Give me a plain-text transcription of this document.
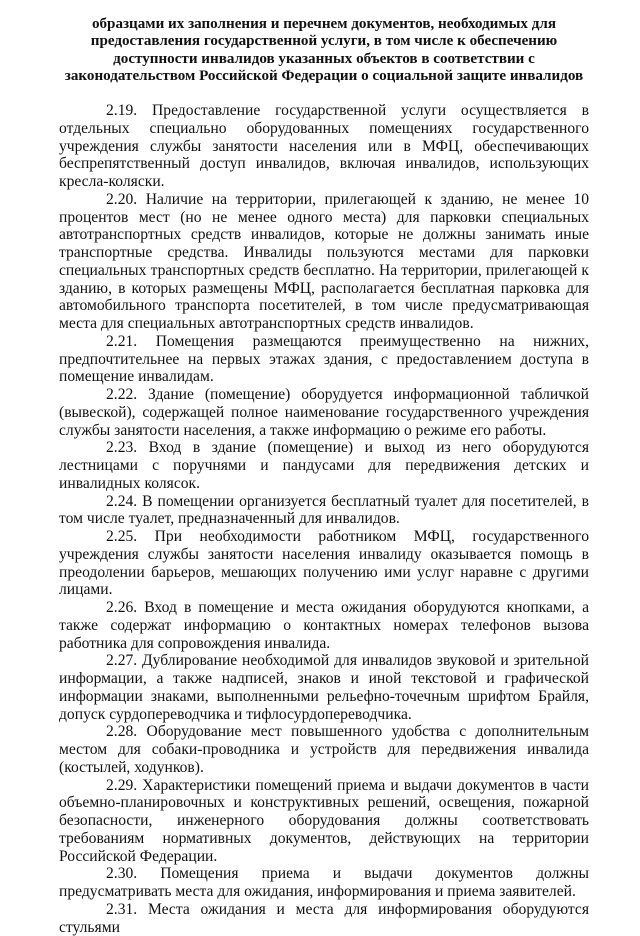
образцами их заполнения и перечнем документов, необходимых для
предоставления государственной услуги, в том числе к обеспечению
доступности инвалидов указанных объектов в соответствии с
законодательством Российской Федерации о социальной защите инвалидов

2.19. Предоставление государственной услуги осуществляется в отдельных специально оборудованных помещениях государственного учреждения службы занятости населения или в МФЦ, обеспечивающих беспрепятственный доступ инвалидов, включая инвалидов, использующих кресла-коляски.

2.20. Наличие на территории, прилегающей к зданию, не менее 10 процентов мест (но не менее одного места) для парковки специальных автотранспортных средств инвалидов, которые не должны занимать иные транспортные средства. Инвалиды пользуются местами для парковки специальных транспортных средств бесплатно. На территории, прилегающей к зданию, в которых размещены МФЦ, располагается бесплатная парковка для автомобильного транспорта посетителей, в том числе предусматривающая места для специальных автотранспортных средств инвалидов.

2.21. Помещения размещаются преимущественно на нижних, предпочтительнее на первых этажах здания, с предоставлением доступа в помещение инвалидам.

2.22. Здание (помещение) оборудуется информационной табличкой (вывеской), содержащей полное наименование государственного учреждения службы занятости населения, а также информацию о режиме его работы.

2.23. Вход в здание (помещение) и выход из него оборудуются лестницами с поручнями и пандусами для передвижения детских и инвалидных колясок.

2.24. В помещении организуется бесплатный туалет для посетителей, в том числе туалет, предназначенный для инвалидов.

2.25. При необходимости работником МФЦ, государственного учреждения службы занятости населения инвалиду оказывается помощь в преодолении барьеров, мешающих получению ими услуг наравне с другими лицами.

2.26. Вход в помещение и места ожидания оборудуются кнопками, а также содержат информацию о контактных номерах телефонов вызова работника для сопровождения инвалида.

2.27. Дублирование необходимой для инвалидов звуковой и зрительной информации, а также надписей, знаков и иной текстовой и графической информации знаками, выполненными рельефно-точечным шрифтом Брайля, допуск сурдопереводчика и тифлосурдопереводчика.

2.28. Оборудование мест повышенного удобства с дополнительным местом для собаки-проводника и устройств для передвижения инвалида (костылей, ходунков).

2.29. Характеристики помещений приема и выдачи документов в части объемно-планировочных и конструктивных решений, освещения, пожарной безопасности, инженерного оборудования должны соответствовать требованиям нормативных документов, действующих на территории Российской Федерации.

2.30. Помещения приема и выдачи документов должны предусматривать места для ожидания, информирования и приема заявителей.

2.31. Места ожидания и места для информирования оборудуются стульями
